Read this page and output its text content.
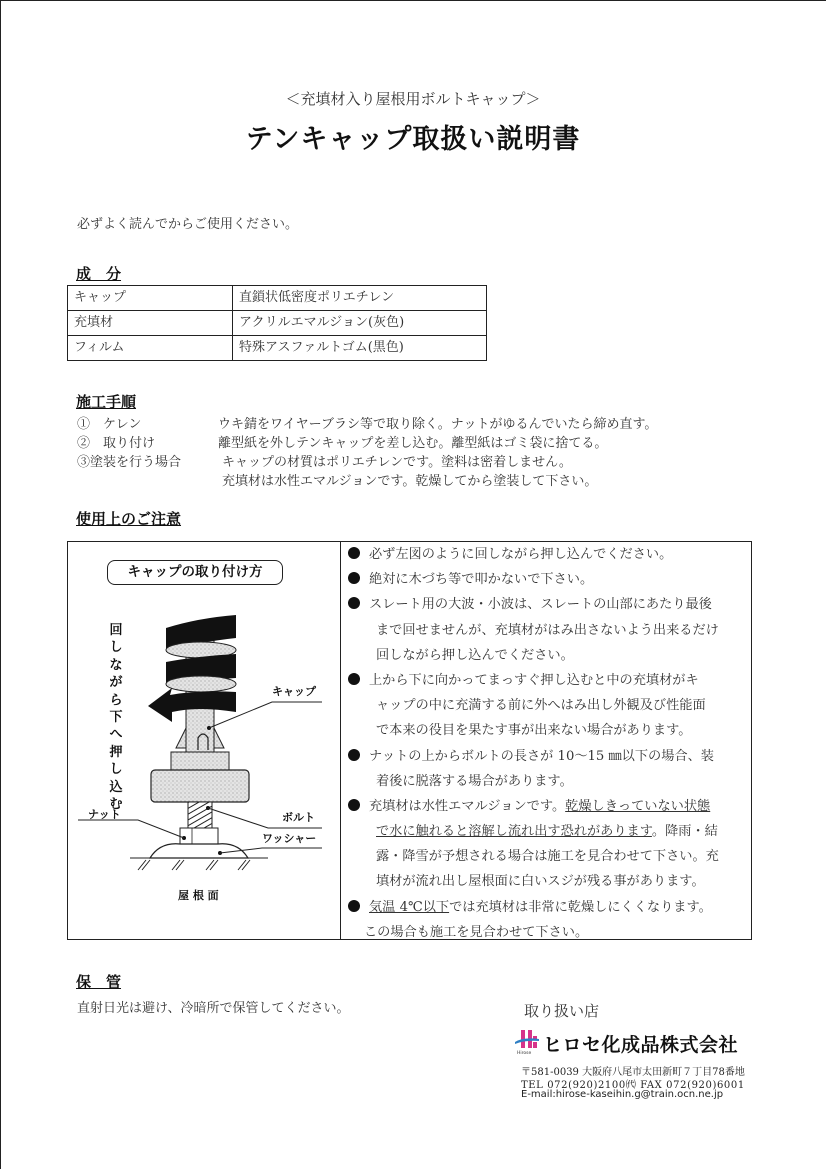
＜充填材入り屋根用ボルトキャップ＞
テンキャップ取扱い説明書
必ずよく読んでからご使用ください。
成　分
キャップ	直鎖状低密度ポリエチレン
充填材	アクリルエマルジョン(灰色)
フィルム	特殊アスファルトゴム(黒色)
施工手順
①　ケレン	ウキ錆をワイヤーブラシ等で取り除く。ナットがゆるんでいたら締め直す。
②　取り付け	離型紙を外しテンキャップを差し込む。離型紙はゴミ袋に捨てる。
③塗装を行う場合	キャップの材質はポリエチレンです。塗料は密着しません。
充填材は水性エマルジョンです。乾燥してから塗装して下さい。
使用上のご注意
キャップの取り付け方
回
し
な
が
ら
下
へ
押
し
込
む
キャップ
ナット	ボルト
ワッシャー
屋 根 面
必ず左図のように回しながら押し込んでください。
絶対に木づち等で叩かないで下さい。
スレート用の大波・小波は、スレートの山部にあたり最後
まで回せませんが、充填材がはみ出さないよう出来るだけ
回しながら押し込んでください。
上から下に向かってまっすぐ押し込むと中の充填材がキ
ャップの中に充満する前に外へはみ出し外観及び性能面
で本来の役目を果たす事が出来ない場合があります。
ナットの上からボルトの長さが 10～15 ㎜以下の場合、装
着後に脱落する場合があります。
充填材は水性エマルジョンです。乾燥しきっていない状態
で水に触れると溶解し流れ出す恐れがあります。降雨・結
露・降雪が予想される場合は施工を見合わせて下さい。充
填材が流れ出し屋根面に白いスジが残る事があります。
気温 4℃以下では充填材は非常に乾燥しにくくなります。
この場合も施工を見合わせて下さい。
保　管
直射日光は避け、冷暗所で保管してください。	取り扱い店
Hirose ヒロセ化成品株式会社
〒581-0039 大阪府八尾市太田新町７丁目78番地
TEL 072(920)2100㈹ FAX 072(920)6001
E-mail:hirose-kaseihin.g@train.ocn.ne.jp
